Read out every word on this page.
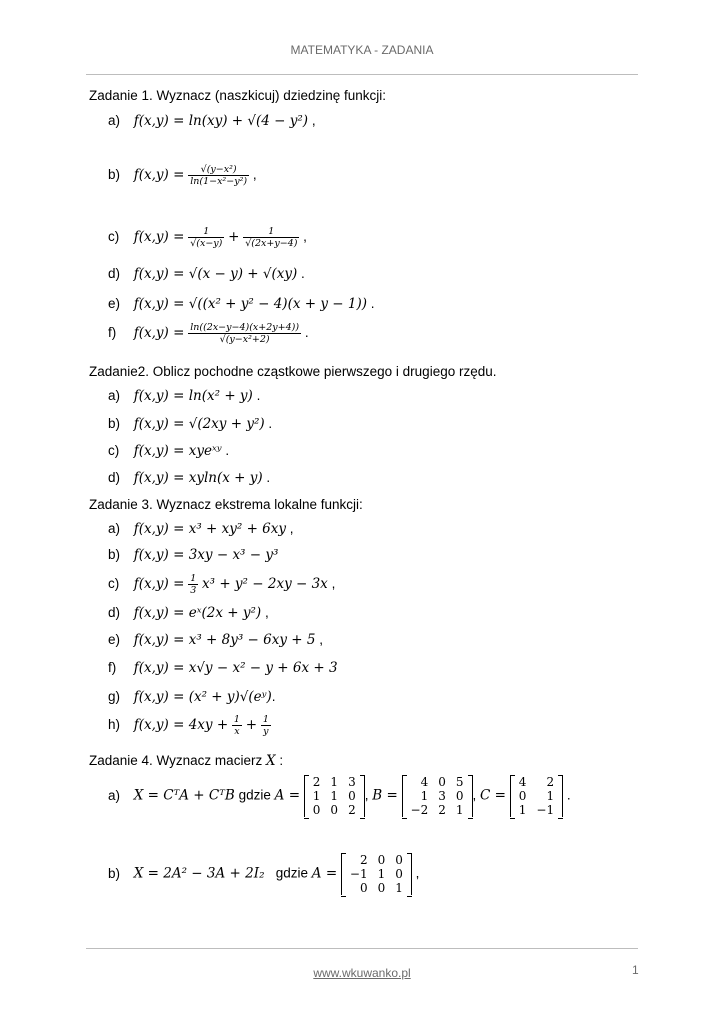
MATEMATYKA - ZADANIA
Zadanie 1. Wyznacz (naszkicuj) dziedzinę funkcji:
a) f(x,y) = ln(xy) + √(4 − y²) ,
b) $f(x,y) = \frac{\text{√(y−x²)}}{\text{ln(1−x²−y²)}}$ ,
c) $f(x,y) = \frac{1}{√(x-y)} + \frac{1}{√(2x+y-4)}$ ,
d) f(x,y) = √(x − y) + √(xy) .
e) f(x,y) = √((x² + y² − 4)(x + y − 1)) .
f) $f(x,y) = \frac{\ln((2x-y-4)(x+2y+4))}{\text{√(y−x²+2)}}$ .
Zadanie2. Oblicz pochodne cząstkowe pierwszego i drugiego rzędu.
a) f(x,y) = ln(x² + y) .
b) f(x,y) = √(2xy + y²) .
c) f(x,y) = xyeˣʸ .
d) f(x,y) = xyln(x + y) .
Zadanie 3. Wyznacz ekstrema lokalne funkcji:
a) f(x,y) = x³ + xy² + 6xy ,
b) f(x,y) = 3xy − x³ − y³
c) $f(x,y) = \frac{1}{3} x^3 + y^2 - 2xy - 3x$ ,
d) f(x,y) = eˣ(2x + y²) ,
e) f(x,y) = x³ + 8y³ − 6xy + 5 ,
f) f(x,y) = x√y − x² − y + 6x + 3
g) f(x,y) = (x² + y)√(eʸ).
h) $f(x,y) = 4xy + \frac{1}{x} + \frac{1}{y}$
Zadanie 4. Wyznacz macierz X :
a) X = CᵀA + CᵀB gdzie A =
2	1	3
1	1	0
0	0	2
, B =
4	0	5
1	3	0
−2	2	1
, C =
4	2
0	1
1	−1
.
b) X = 2A² − 3A + 2I₂ gdzie A =
2	0	0
−1	1	0
0	0	1
,
www.wkuwanko.pl	1
